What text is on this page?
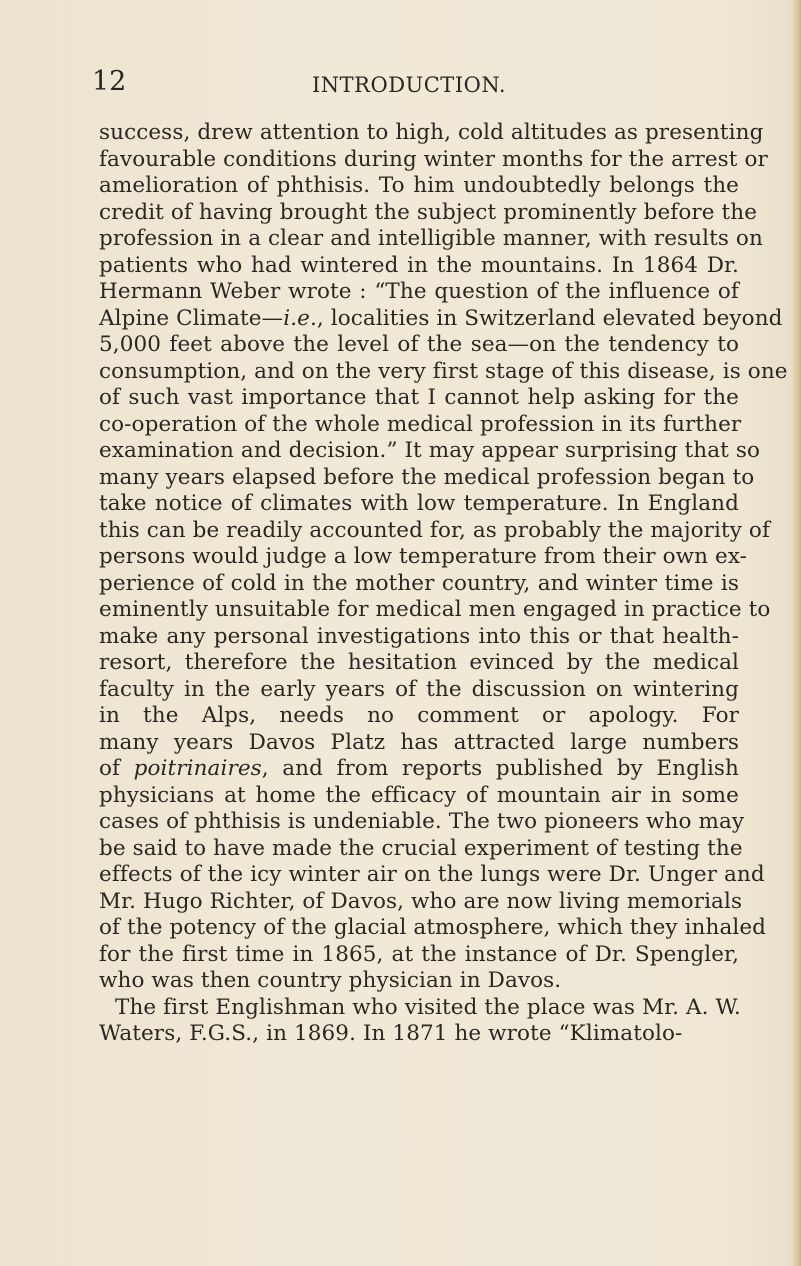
12	INTRODUCTION.
success, drew attention to high, cold altitudes as presenting
favourable conditions during winter months for the arrest or
amelioration of phthisis. To him undoubtedly belongs the
credit of having brought the subject prominently before the
profession in a clear and intelligible manner, with results on
patients who had wintered in the mountains. In 1864 Dr.
Hermann Weber wrote : “The question of the influence of
Alpine Climate—i.e., localities in Switzerland elevated beyond
5,000 feet above the level of the sea—on the tendency to
consumption, and on the very first stage of this disease, is one
of such vast importance that I cannot help asking for the
co-operation of the whole medical profession in its further
examination and decision.” It may appear surprising that so
many years elapsed before the medical profession began to
take notice of climates with low temperature. In England
this can be readily accounted for, as probably the majority of
persons would judge a low temperature from their own ex-
perience of cold in the mother country, and winter time is
eminently unsuitable for medical men engaged in practice to
make any personal investigations into this or that health-
resort, therefore the hesitation evinced by the medical
faculty in the early years of the discussion on wintering
in the Alps, needs no comment or apology. For
many years Davos Platz has attracted large numbers
of poitrinaires, and from reports published by English
physicians at home the efficacy of mountain air in some
cases of phthisis is undeniable. The two pioneers who may
be said to have made the crucial experiment of testing the
effects of the icy winter air on the lungs were Dr. Unger and
Mr. Hugo Richter, of Davos, who are now living memorials
of the potency of the glacial atmosphere, which they inhaled
for the first time in 1865, at the instance of Dr. Spengler,
who was then country physician in Davos.
The first Englishman who visited the place was Mr. A. W.
Waters, F.G.S., in 1869. In 1871 he wrote “Klimatolo-
